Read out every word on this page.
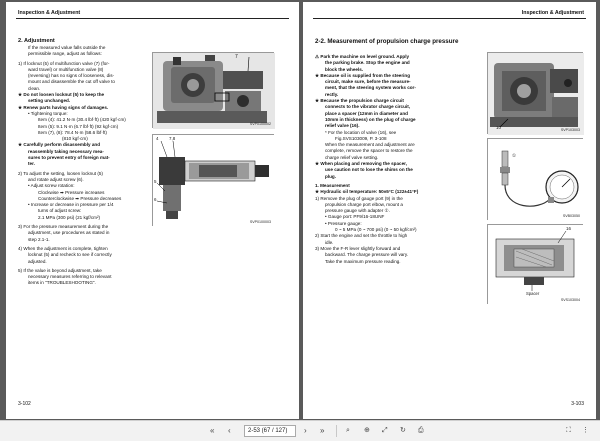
Inspection & Adjustment

2. Adjustment

If the measured value falls outside the

permissible range, adjust as follows:

1) If locknut (5) of multifunction valve (7) (for-

ward travel) or multifunction valve (8)

(reversing) has no signs of looseness, dis-

mount and disassemble the cut off valve to

clean.

★ Do not loosen locknut (5) to keep the

setting unchanged.

★ Renew parts having signs of damages.

• Tightening torque:

Item (4): 41.2 N·m (30.4 lbf·ft) (420 kgf·cm)

Item (5): 9.1 N·m (6.7 lbf·ft) (92 kgf·cm)

Item (7), (8): 78.4 N·m (58.6 lbf·ft)

(810 kgf·cm)

★ Carefully perform disassembly and

reassembly taking necessary mea-

sures to prevent entry of foreign mat-

ter.

2) To adjust the setting, loosen locknut (5)

and rotate adjust screw (6).

• Adjust screw rotation:

Clockwise ➡ Pressure increases

Counterclockwise ➡ Pressure decreases

• Increase or decrease in pressure per 1/4

turns of adjust screw:

2.1 MPa (300 psi) (21 kgf/cm²)

3) For the pressure measurement during the

adjustment, use procedures as stated in

step 2.1-1.

4) When the adjustment is complete, tighten

locknut (5) and recheck to see if correctly

adjusted.

5) If the value is beyond adjustment, take

necessary measures referring to relevant

items in "TROUBLESHOOTING".

7
SVP0100002
4 7,8
5
6
SVP0100003
3-102
Inspection & Adjustment

2-2. Measurement of propulsion charge pressure

⚠ Park the machine on level ground. Apply

the parking brake. Stop the engine and

block the wheels.

★ Because oil is supplied from the steering

circuit, make sure, before the measure-

ment, that the steering system works cor-

rectly.

★ Because the propulsion charge circuit

connects to the vibrator charge circuit,

place a spacer (12mm in diameter and

10mm in thickness) on the plug of charge

relief valve (16).

* For the location of valve (16), see

Fig.SVS103009, P. 3-108

When the measurement and adjustment are

complete, remove the spacer to restore the

charge relief valve setting.

★ When placing and removing the spacer,

use caution not to lose the shims on the

plug.

1. Measurement

★ Hydraulic oil temperature: 50±5°C (122±41°F)

1) Remove the plug of gauge port (9) in the

propulsion charge port elbow, mount a

pressure gauge with adapter ①.

• Gauge port: PF9/16-18UNF

• Pressure gauge:

0 ~ 5 MPa (0 ~ 700 psi) (0 ~ 50 kgf/cm²)

2) Start the engine and set the throttle to high

idle.

3) Move the F-R lever slightly forward and

backward. The charge pressure will vary.

Take the maximum pressure reading.

10	SVP103003
①
SVB03050
16
Spacer
SVS103004
3-103
« ‹	2-53 (67 / 127)	› »	⌕ ⊕ ⤢ ↻ ⎙	⛶ ⋮
